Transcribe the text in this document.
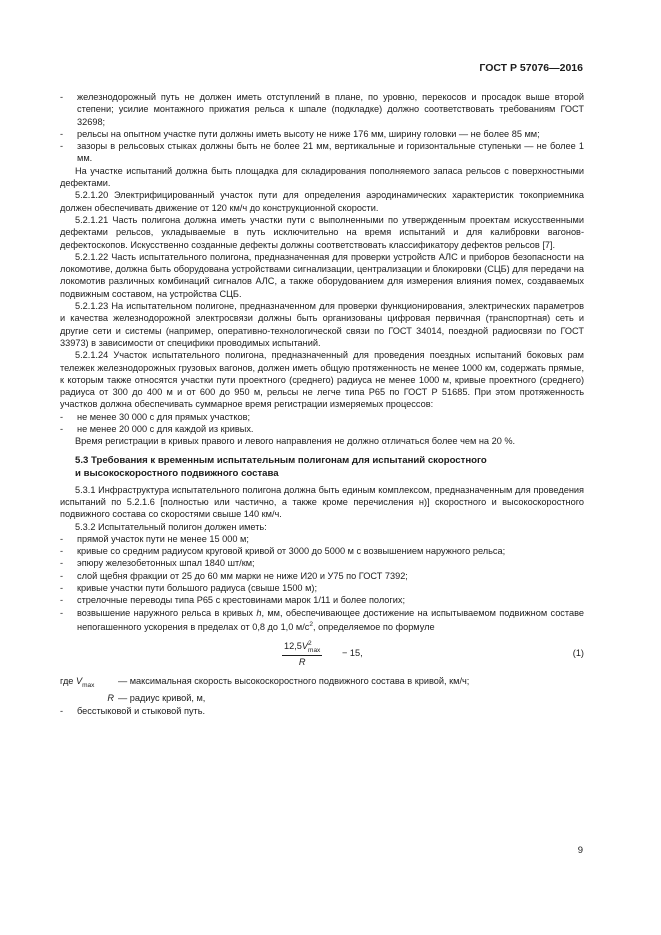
ГОСТ Р 57076—2016
- железнодорожный путь не должен иметь отступлений в плане, по уровню, перекосов и просадок выше второй степени; усилие монтажного прижатия рельса к шпале (подкладке) должно соответствовать требованиям ГОСТ 32698;
- рельсы на опытном участке пути должны иметь высоту не ниже 176 мм, ширину головки — не более 85 мм;
- зазоры в рельсовых стыках должны быть не более 21 мм, вертикальные и горизонтальные ступеньки — не более 1 мм.
На участке испытаний должна быть площадка для складирования пополняемого запаса рельсов с поверхностными дефектами.
5.2.1.20 Электрифицированный участок пути для определения аэродинамических характеристик токоприемника должен обеспечивать движение от 120 км/ч до конструкционной скорости.
5.2.1.21 Часть полигона должна иметь участки пути с выполненными по утвержденным проектам искусственными дефектами рельсов, укладываемые в путь исключительно на время испытаний и для калибровки вагонов-дефектоскопов. Искусственно созданные дефекты должны соответствовать классификатору дефектов рельсов [7].
5.2.1.22 Часть испытательного полигона, предназначенная для проверки устройств АЛС и приборов безопасности на локомотиве, должна быть оборудована устройствами сигнализации, централизации и блокировки (СЦБ) для передачи на локомотив различных комбинаций сигналов АЛС, а также оборудованием для измерения влияния помех, создаваемых подвижным составом, на устройства СЦБ.
5.2.1.23 На испытательном полигоне, предназначенном для проверки функционирования, электрических параметров и качества железнодорожной электросвязи должны быть организованы цифровая первичная (транспортная) сеть и другие сети и системы (например, оперативно-технологической связи по ГОСТ 34014, поездной радиосвязи по ГОСТ 33973) в зависимости от специфики проводимых испытаний.
5.2.1.24 Участок испытательного полигона, предназначенный для проведения поездных испытаний боковых рам тележек железнодорожных грузовых вагонов, должен иметь общую протяженность не менее 1000 км, содержать прямые, к которым также относятся участки пути проектного (среднего) радиуса не менее 1000 м, кривые проектного (среднего) радиуса от 300 до 400 м и от 600 до 950 м, рельсы не легче типа Р65 по ГОСТ Р 51685. При этом протяженность участков должна обеспечивать суммарное время регистрации измеряемых процессов:
- не менее 30 000 с для прямых участков;
- не менее 20 000 с для каждой из кривых.
Время регистрации в кривых правого и левого направления не должно отличаться более чем на 20 %.
5.3 Требования к временным испытательным полигонам для испытаний скоростного
и высокоскоростного подвижного состава
5.3.1 Инфраструктура испытательного полигона должна быть единым комплексом, предназначенным для проведения испытаний по 5.2.1.6 [полностью или частично, а также кроме перечисления н)] скоростного и высокоскоростного подвижного состава со скоростями свыше 140 км/ч.
5.3.2 Испытательный полигон должен иметь:
- прямой участок пути не менее 15 000 м;
- кривые со средним радиусом круговой кривой от 3000 до 5000 м с возвышением наружного рельса;
- эпюру железобетонных шпал 1840 шт/км;
- слой щебня фракции от 25 до 60 мм марки не ниже И20 и У75 по ГОСТ 7392;
- кривые участки пути большого радиуса (свыше 1500 м);
- стрелочные переводы типа Р65 с крестовинами марок 1/11 и более пологих;
- возвышение наружного рельса в кривых h, мм, обеспечивающее достижение на испытываемом подвижном составе непогашенного ускорения в пределах от 0,8 до 1,0 $м/с^2$, определяемое по формуле
12,5V 2
max
R
− 15,	(1)
где $V_{max}$	— максимальная скорость высокоскоростного подвижного состава в кривой, км/ч;
R — радиус кривой, м,
- бесстыковой и стыковой путь.
9
